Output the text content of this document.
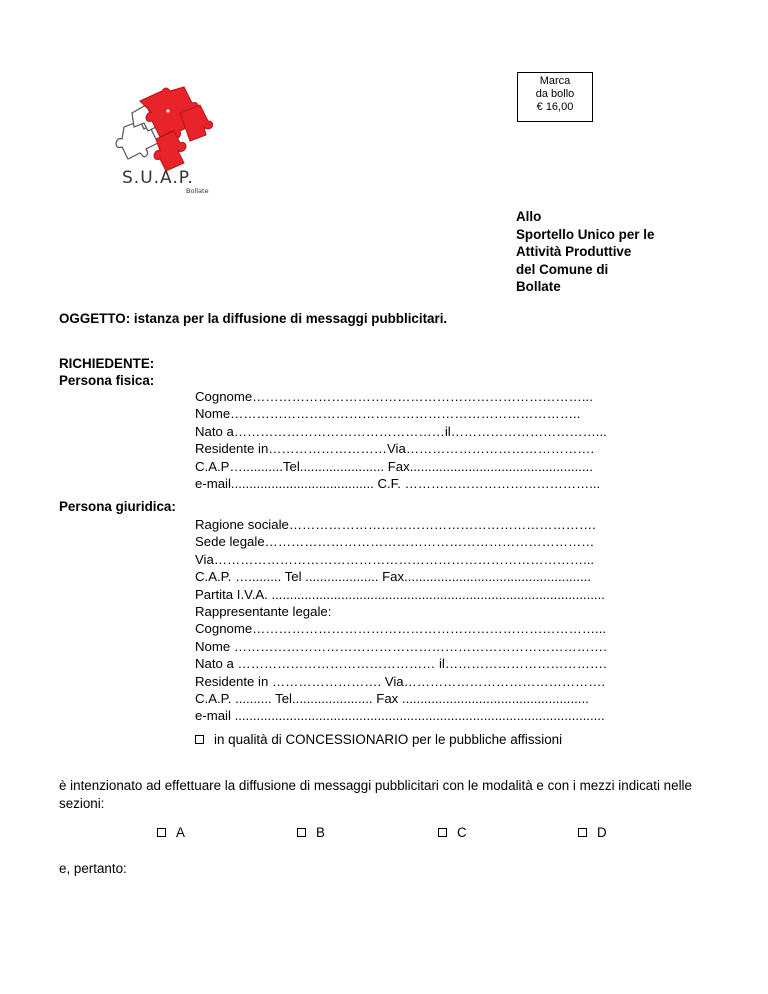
Marca
da bollo
€ 16,00
S.U.A.P.
Bollate
Allo
Sportello Unico per le
Attività Produttive
del Comune di
Bollate
OGGETTO: istanza per la diffusione di messaggi pubblicitari.
RICHIEDENTE:
Persona fisica:
Cognome…………………………………………………………………...
Nome……………………………………………………………………..
Nato a…………………………………………il……………………………...
Residente in………………………Via…………………………………….
C.A.P…...........Tel....................... Fax..................................................
e-mail....................................... C.F. ……………………………………...
Persona giuridica:
Ragione sociale…………………………………………………………….
Sede legale…………………………………………………………………
Via…………………………………………………………………………...
C.A.P. …......... Tel .................... Fax...................................................
Partita I.V.A. ...........................................................................................
Rappresentante legale:
Cognome……………………………………………………………………...
Nome ………………………………………………………………………….
Nato a ……………………………………… il……………………………….
Residente in ……………………. Via……………………………………….
C.A.P. .......... Tel...................... Fax ...................................................
e-mail .....................................................................................................
in qualità di CONCESSIONARIO per le pubbliche affissioni
è intenzionato ad effettuare la diffusione di messaggi pubblicitari con le modalità e con i mezzi indicati nelle sezioni:
A	B	C	D
e, pertanto:
